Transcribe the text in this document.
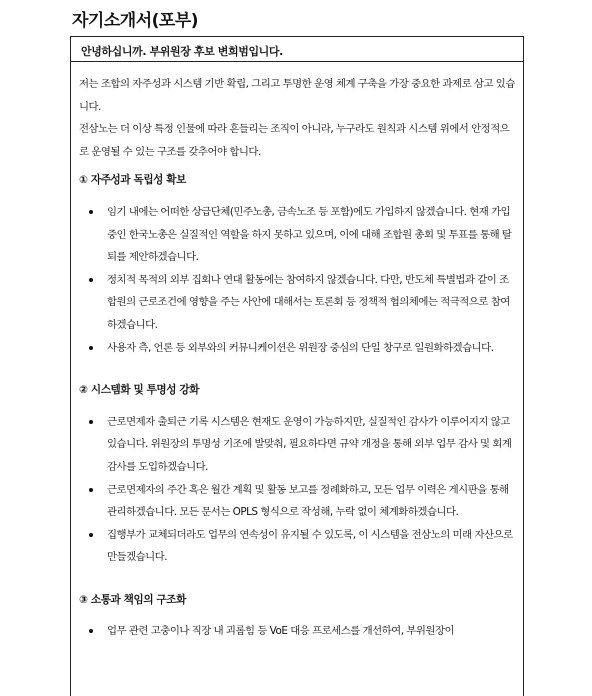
자기소개서(포부)
안녕하십니까. 부위원장 후보 변희범입니다.

저는 조합의 자주성과 시스템 기반 확립, 그리고 투명한 운영 체계 구축을 가장 중요한 과제로 삼고 있습니다.

전삼노는 더 이상 특정 인물에 따라 흔들리는 조직이 아니라, 누구라도 원칙과 시스템 위에서 안정적으로 운영될 수 있는 구조를 갖추어야 합니다.

① 자주성과 독립성 확보

임기 내에는 어떠한 상급단체(민주노총, 금속노조 등 포함)에도 가입하지 않겠습니다. 현재 가입 중인 한국노총은 실질적인 역할을 하지 못하고 있으며, 이에 대해 조합원 총회 및 투표를 통해 탈퇴를 제안하겠습니다.
정치적 목적의 외부 집회나 연대 활동에는 참여하지 않겠습니다. 다만, 반도체 특별법과 같이 조합원의 근로조건에 영향을 주는 사안에 대해서는 토론회 등 정책적 협의체에는 적극적으로 참여하겠습니다.
사용자 측, 언론 등 외부와의 커뮤니케이션은 위원장 중심의 단일 창구로 일원화하겠습니다.

② 시스템화 및 투명성 강화

근로면제자 출퇴근 기록 시스템은 현재도 운영이 가능하지만, 실질적인 감사가 이루어지지 않고 있습니다. 위원장의 투명성 기조에 발맞춰, 필요하다면 규약 개정을 통해 외부 업무 감사 및 회계 감사를 도입하겠습니다.
근로면제자의 주간 혹은 월간 계획 및 활동 보고를 정례화하고, 모든 업무 이력은 게시판을 통해 관리하겠습니다. 모든 문서는 OPLS 형식으로 작성해, 누락 없이 체계화하겠습니다.
집행부가 교체되더라도 업무의 연속성이 유지될 수 있도록, 이 시스템을 전삼노의 미래 자산으로 만들겠습니다.

③ 소통과 책임의 구조화

업무 관련 고충이나 직장 내 괴롭힘 등 VoE 대응 프로세스를 개선하여, 부위원장이
